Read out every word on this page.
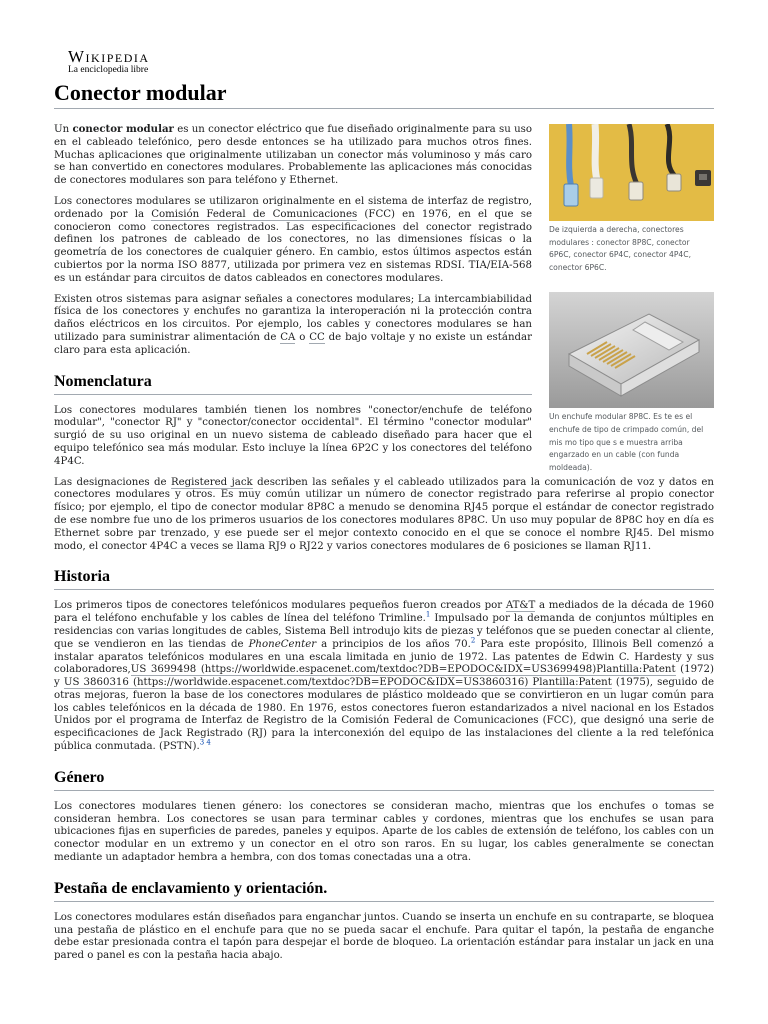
Wikipedia
La enciclopedia libre
Conector modular

Un conector modular es un conector eléctrico que fue diseñado originalmente para su uso en el cableado telefónico, pero desde entonces se ha utilizado para muchos otros fines. Muchas aplicaciones que originalmente utilizaban un conector más voluminoso y más caro se han convertido en conectores modulares. Probablemente las aplicaciones más conocidas de conectores modulares son para teléfono y Ethernet.

Los conectores modulares se utilizaron originalmente en el sistema de interfaz de registro, ordenado por la Comisión Federal de Comunicaciones (FCC) en 1976, en el que se conocieron como conectores registrados. Las especificaciones del conector registrado definen los patrones de cableado de los conectores, no las dimensiones físicas o la geometría de los conectores de cualquier género. En cambio, estos últimos aspectos están cubiertos por la norma ISO 8877, utilizada por primera vez en sistemas RDSI. TIA/EIA-568 es un estándar para circuitos de datos cableados en conectores modulares.

Existen otros sistemas para asignar señales a conectores modulares; La intercambiabilidad física de los conectores y enchufes no garantiza la interoperación ni la protección contra daños eléctricos en los circuitos. Por ejemplo, los cables y conectores modulares se han utilizado para suministrar alimentación de CA o CC de bajo voltaje y no existe un estándar claro para esta aplicación.

Nomenclatura

Los conectores modulares también tienen los nombres "conector/enchufe de teléfono modular", "conector RJ" y "conector/conector occidental". El término "conector modular" surgió de su uso original en un nuevo sistema de cableado diseñado para hacer que el equipo telefónico sea más modular. Esto incluye la línea 6P2C y los conectores del teléfono 4P4C.

Las designaciones de Registered jack describen las señales y el cableado utilizados para la comunicación de voz y datos en conectores modulares y otros. Es muy común utilizar un número de conector registrado para referirse al propio conector físico; por ejemplo, el tipo de conector modular 8P8C a menudo se denomina RJ45 porque el estándar de conector registrado de ese nombre fue uno de los primeros usuarios de los conectores modulares 8P8C. Un uso muy popular de 8P8C hoy en día es Ethernet sobre par trenzado, y ese puede ser el mejor contexto conocido en el que se conoce el nombre RJ45. Del mismo modo, el conector 4P4C a veces se llama RJ9 o RJ22 y varios conectores modulares de 6 posiciones se llaman RJ11.

Historia

Los primeros tipos de conectores telefónicos modulares pequeños fueron creados por AT&T a mediados de la década de 1960 para el teléfono enchufable y los cables de línea del teléfono Trimline.$^1$ Impulsado por la demanda de conjuntos múltiples en residencias con varias longitudes de cables, Sistema Bell introdujo kits de piezas y teléfonos que se pueden conectar al cliente, que se vendieron en las tiendas de PhoneCenter a principios de los años 70.$^2$ Para este propósito, Illinois Bell comenzó a instalar aparatos telefónicos modulares en una escala limitada en junio de 1972. Las patentes de Edwin C. Hardesty y sus colaboradores,US 3699498 (https://worldwide.espacenet.com/textdoc?DB=EPODOC&IDX=US3699498)Plantilla:Patent (1972) y US 3860316 (https://worldwide.espacenet.com/textdoc?DB=EPODOC&IDX=US3860316) Plantilla:Patent (1975), seguido de otras mejoras, fueron la base de los conectores modulares de plástico moldeado que se convirtieron en un lugar común para los cables telefónicos en la década de 1980. En 1976, estos conectores fueron estandarizados a nivel nacional en los Estados Unidos por el programa de Interfaz de Registro de la Comisión Federal de Comunicaciones (FCC), que designó una serie de especificaciones de Jack Registrado (RJ) para la interconexión del equipo de las instalaciones del cliente a la red telefónica pública conmutada. (PSTN).$^{3 4}$

Género

Los conectores modulares tienen género: los conectores se consideran macho, mientras que los enchufes o tomas se consideran hembra. Los conectores se usan para terminar cables y cordones, mientras que los enchufes se usan para ubicaciones fijas en superficies de paredes, paneles y equipos. Aparte de los cables de extensión de teléfono, los cables con un conector modular en un extremo y un conector en el otro son raros. En su lugar, los cables generalmente se conectan mediante un adaptador hembra a hembra, con dos tomas conectadas una a otra.

Pestaña de enclavamiento y orientación.

Los conectores modulares están diseñados para enganchar juntos. Cuando se inserta un enchufe en su contraparte, se bloquea una pestaña de plástico en el enchufe para que no se pueda sacar el enchufe. Para quitar el tapón, la pestaña de enganche debe estar presionada contra el tapón para despejar el borde de bloqueo. La orientación estándar para instalar un jack en una pared o panel es con la pestaña hacia abajo.

De izquierda a derecha, conectores modulares : conector 8P8C, conector 6P6C, conector 6P4C, conector 4P4C, conector 6P6C.
Un enchufe modular 8P8C. Es te es el enchufe de tipo de crimpado común, del mis mo tipo que s e muestra arriba engarzado en un cable (con funda moldeada).
